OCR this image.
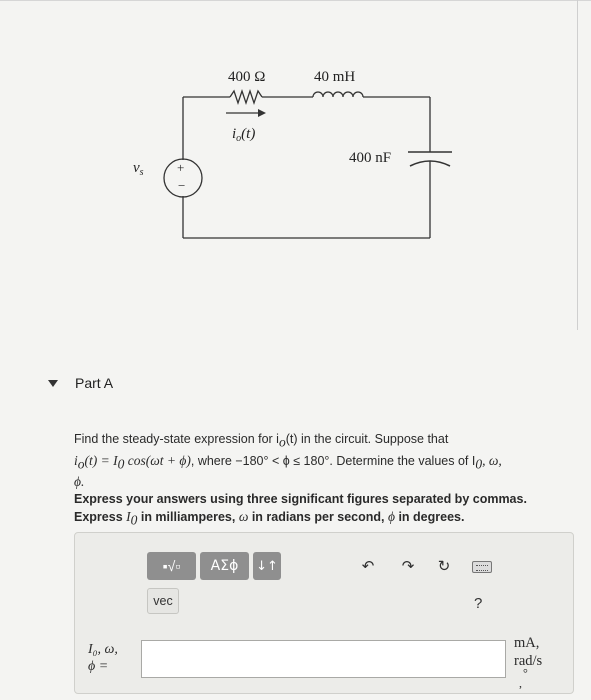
+
−
400 Ω	40 mH
400 nF
$i_o(t)$
$v_s$
Part A
Find the steady-state expression for $i_o(t)$ in the circuit. Suppose that
$i_o(t) = I_0$ cos(ωt + ϕ), where −180° < ϕ ≤ 180°. Determine the values of $I_0$, ω,
ϕ.
Express your answers using three significant figures separated by commas.
Express $I_0$ in milliamperes, ω in radians per second, ϕ in degrees.
▪√▫	ΑΣϕ	↓↑
vec
↶ ↷ ↻
?
I₀, ω,
ϕ =
mA,
rad/s
°
,
